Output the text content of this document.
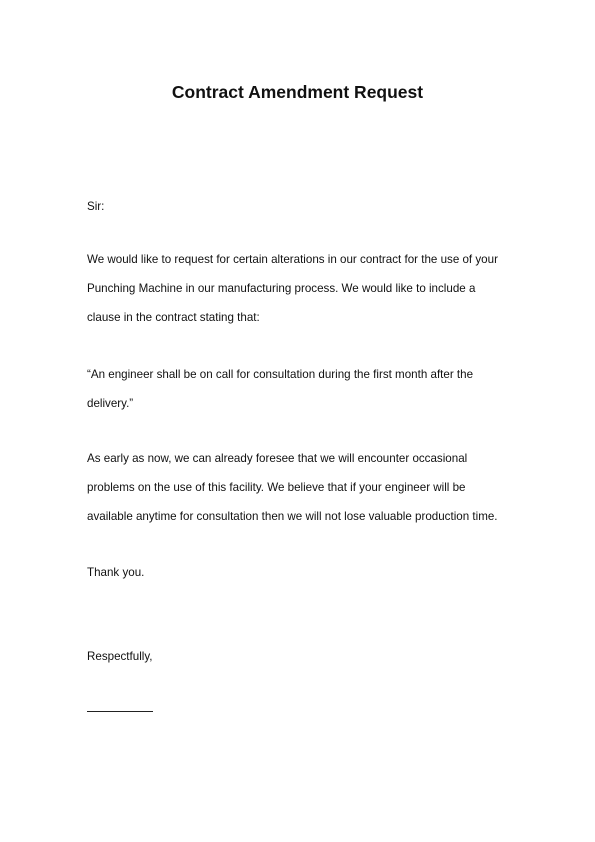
Contract Amendment Request
Sir:
We would like to request for certain alterations in our contract for the use of your
Punching Machine in our manufacturing process. We would like to include a
clause in the contract stating that:
“An engineer shall be on call for consultation during the first month after the
delivery.”
As early as now, we can already foresee that we will encounter occasional
problems on the use of this facility. We believe that if your engineer will be
available anytime for consultation then we will not lose valuable production time.
Thank you.
Respectfully,
